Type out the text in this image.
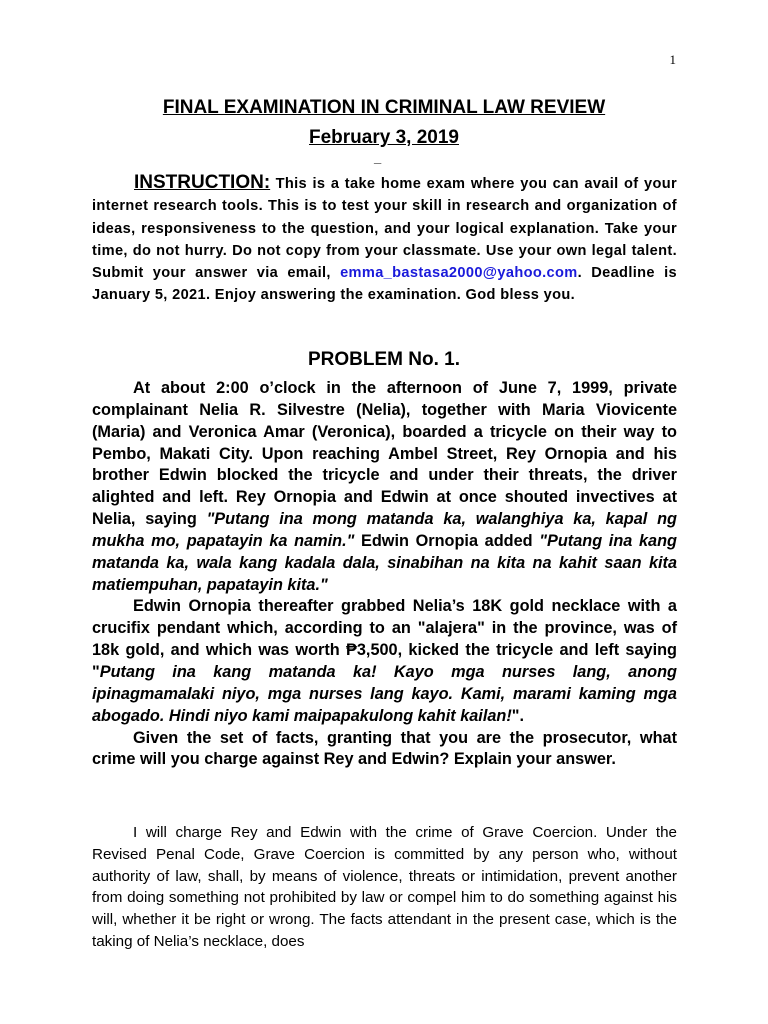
1
FINAL EXAMINATION IN CRIMINAL LAW REVIEW
February 3, 2019
_
INSTRUCTION: This is a take home exam where you can avail of your internet research tools. This is to test your skill in research and organization of ideas, responsiveness to the question, and your logical explanation. Take your time, do not hurry. Do not copy from your classmate. Use your own legal talent. Submit your answer via email, emma_bastasa2000@yahoo.com. Deadline is January 5, 2021. Enjoy answering the examination. God bless you.
PROBLEM No. 1.

At about 2:00 o’clock in the afternoon of June 7, 1999, private complainant Nelia R. Silvestre (Nelia), together with Maria Viovicente (Maria) and Veronica Amar (Veronica), boarded a tricycle on their way to Pembo, Makati City. Upon reaching Ambel Street, Rey Ornopia and his brother Edwin blocked the tricycle and under their threats, the driver alighted and left. Rey Ornopia and Edwin at once shouted invectives at Nelia, saying "Putang ina mong matanda ka, walanghiya ka, kapal ng mukha mo, papatayin ka namin." Edwin Ornopia added "Putang ina kang matanda ka, wala kang kadala dala, sinabihan na kita na kahit saan kita matiempuhan, papatayin kita."

Edwin Ornopia thereafter grabbed Nelia’s 18K gold necklace with a crucifix pendant which, according to an "alajera" in the province, was of 18k gold, and which was worth ₱3,500, kicked the tricycle and left saying "Putang ina kang matanda ka! Kayo mga nurses lang, anong ipinagmamalaki niyo, mga nurses lang kayo. Kami, marami kaming mga abogado. Hindi niyo kami maipapakulong kahit kailan!".

Given the set of facts, granting that you are the prosecutor, what crime will you charge against Rey and Edwin? Explain your answer.

I will charge Rey and Edwin with the crime of Grave Coercion. Under the Revised Penal Code, Grave Coercion is committed by any person who, without authority of law, shall, by means of violence, threats or intimidation, prevent another from doing something not prohibited by law or compel him to do something against his will, whether it be right or wrong. The facts attendant in the present case, which is the taking of Nelia’s necklace, does
